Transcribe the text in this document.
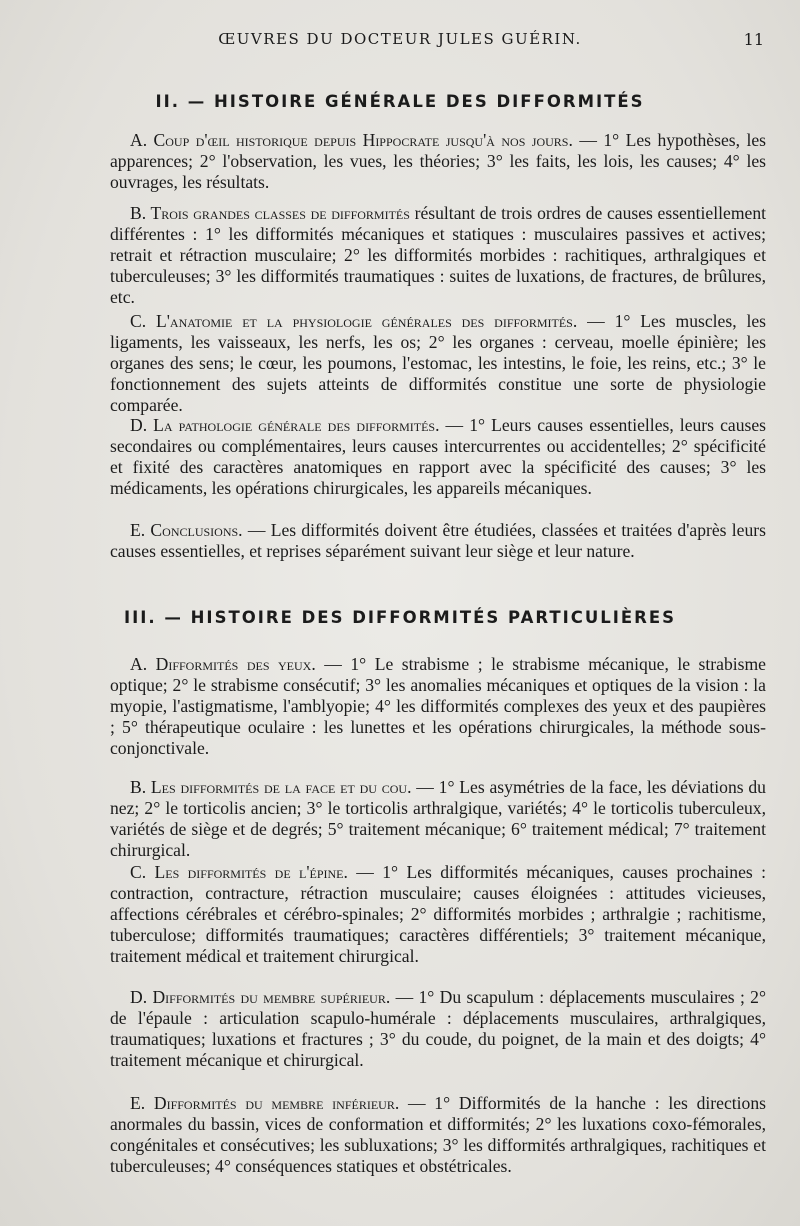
ŒUVRES DU DOCTEUR JULES GUÉRIN.	11
II. — HISTOIRE GÉNÉRALE DES DIFFORMITÉS

A. Coup d'œil historique depuis Hippocrate jusqu'à nos jours. — 1° Les hypothèses, les apparences; 2° l'observation, les vues, les théories; 3° les faits, les lois, les causes; 4° les ouvrages, les résultats.

B. Trois grandes classes de difformités résultant de trois ordres de causes essentiellement différentes : 1° les difformités mécaniques et statiques : musculaires passives et actives; retrait et rétraction musculaire; 2° les difformités morbides : rachitiques, arthralgiques et tuberculeuses; 3° les difformités traumatiques : suites de luxations, de fractures, de brûlures, etc.

C. L'anatomie et la physiologie générales des difformités. — 1° Les muscles, les ligaments, les vaisseaux, les nerfs, les os; 2° les organes : cerveau, moelle épinière; les organes des sens; le cœur, les poumons, l'estomac, les intestins, le foie, les reins, etc.; 3° le fonctionnement des sujets atteints de difformités constitue une sorte de physiologie comparée.

D. La pathologie générale des difformités. — 1° Leurs causes essentielles, leurs causes secondaires ou complémentaires, leurs causes intercurrentes ou accidentelles; 2° spécificité et fixité des caractères anatomiques en rapport avec la spécificité des causes; 3° les médicaments, les opérations chirurgicales, les appareils mécaniques.

E. Conclusions. — Les difformités doivent être étudiées, classées et traitées d'après leurs causes essentielles, et reprises séparément suivant leur siège et leur nature.

III. — HISTOIRE DES DIFFORMITÉS PARTICULIÈRES

A. Difformités des yeux. — 1° Le strabisme ; le strabisme mécanique, le strabisme optique; 2° le strabisme consécutif; 3° les anomalies mécaniques et optiques de la vision : la myopie, l'astigmatisme, l'amblyopie; 4° les difformités complexes des yeux et des paupières ; 5° thérapeutique oculaire : les lunettes et les opérations chirurgicales, la méthode sous-conjonctivale.

B. Les difformités de la face et du cou. — 1° Les asymétries de la face, les déviations du nez; 2° le torticolis ancien; 3° le torticolis arthralgique, variétés; 4° le torticolis tuberculeux, variétés de siège et de degrés; 5° traitement mécanique; 6° traitement médical; 7° traitement chirurgical.

C. Les difformités de l'épine. — 1° Les difformités mécaniques, causes prochaines : contraction, contracture, rétraction musculaire; causes éloignées : attitudes vicieuses, affections cérébrales et cérébro-spinales; 2° difformités morbides ; arthralgie ; rachitisme, tuberculose; difformités traumatiques; caractères différentiels; 3° traitement mécanique, traitement médical et traitement chirurgical.

D. Difformités du membre supérieur. — 1° Du scapulum : déplacements musculaires ; 2° de l'épaule : articulation scapulo-humérale : déplacements musculaires, arthralgiques, traumatiques; luxations et fractures ; 3° du coude, du poignet, de la main et des doigts; 4° traitement mécanique et chirurgical.

E. Difformités du membre inférieur. — 1° Difformités de la hanche : les directions anormales du bassin, vices de conformation et difformités; 2° les luxations coxo-fémorales, congénitales et consécutives; les subluxations; 3° les difformités arthralgiques, rachitiques et tuberculeuses; 4° conséquences statiques et obstétricales.
